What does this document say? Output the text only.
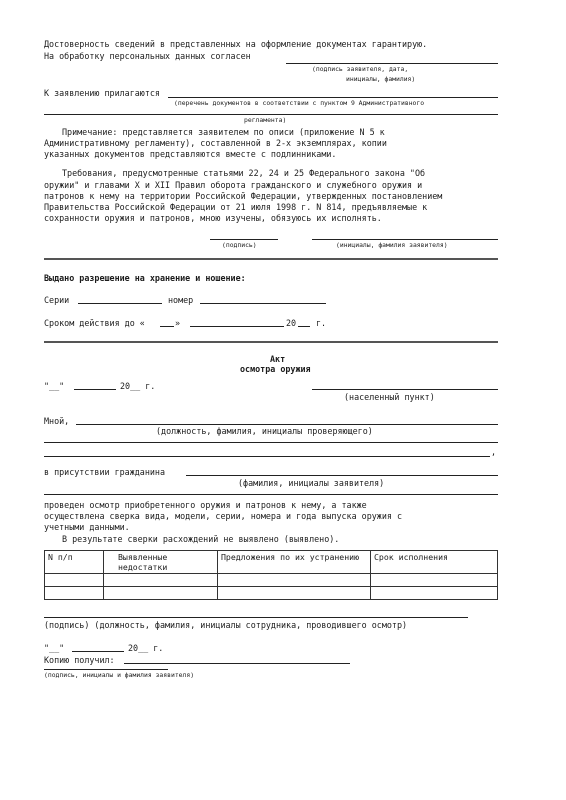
Достоверность сведений в представленных на оформление документах гарантирую.
На обработку персональных данных согласен
(подпись заявителя, дата,
инициалы, фамилия)
К заявлению прилагаются
(перечень документов в соответствии с пунктом 9 Административного
регламента)
Примечание: представляется заявителем по описи (приложение N 5 к
Административному регламенту), составленной в 2-х экземплярах, копии
указанных документов представляются вместе с подлинниками.
Требования, предусмотренные статьями 22, 24 и 25 Федерального закона "Об
оружии" и главами X и XII Правил оборота гражданского и служебного оружия и
патронов к нему на территории Российской Федерации, утвержденных постановлением
Правительства Российской Федерации от 21 июля 1998 г. N 814, предъявляемые к
сохранности оружия и патронов, мною изучены, обязуюсь их исполнять.
(подпись)	(инициалы, фамилия заявителя)
Выдано разрешение на хранение и ношение:
Серии	номер
Сроком действия до «	»	20 г.
Акт
осмотра оружия
"__"	20__ г.
(населенный пункт)
Мной,
(должность, фамилия, инициалы проверяющего)
,
в присутствии гражданина
(фамилия, инициалы заявителя)
проведен осмотр приобретенного оружия и патронов к нему, а также
осуществлена сверка вида, модели, серии, номера и года выпуска оружия с
учетными данными.
В результате сверки расхождений не выявлено (выявлено).
N п/п	Выявленные недостатки	Предложения по их устранению	Срок исполнения

(подпись) (должность, фамилия, инициалы сотрудника, проводившего осмотр)
"__"	20__ г.
Копию получил:
(подпись, инициалы и фамилия заявителя)
